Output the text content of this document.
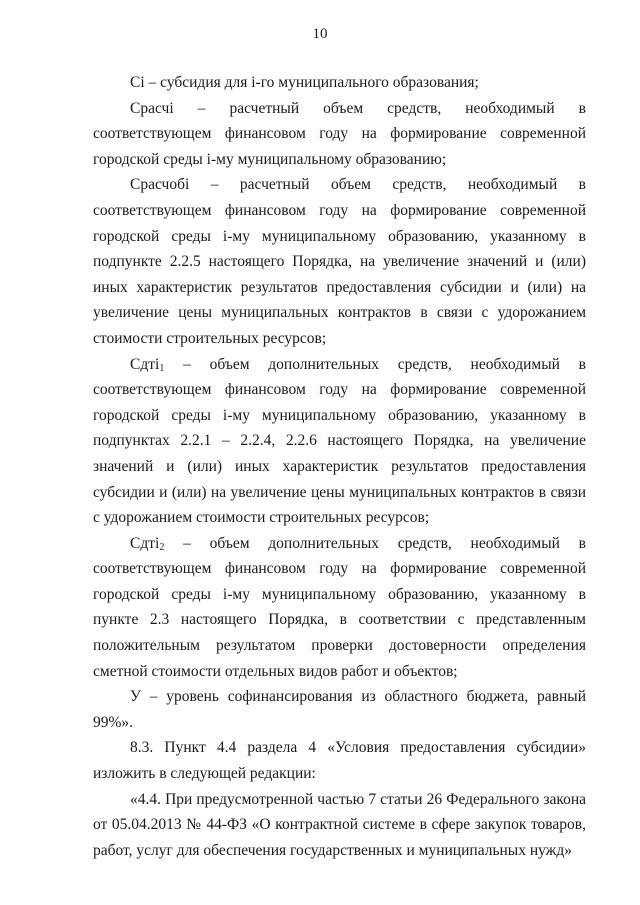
10

Ci – субсидия для i-го муниципального образования;

Срасчi – расчетный объем средств, необходимый в соответствующем финансовом году на формирование современной городской среды i-му муниципальному образованию;

Срасчобi – расчетный объем средств, необходимый в соответствующем финансовом году на формирование современной городской среды i-му муниципальному образованию, указанному в подпункте 2.2.5 настоящего Порядка, на увеличение значений и (или) иных характеристик результатов предоставления субсидии и (или) на увеличение цены муниципальных контрактов в связи с удорожанием стоимости строительных ресурсов;

Сдтi$_1$ – объем дополнительных средств, необходимый в соответствующем финансовом году на формирование современной городской среды i-му муниципальному образованию, указанному в подпунктах 2.2.1 – 2.2.4, 2.2.6 настоящего Порядка, на увеличение значений и (или) иных характеристик результатов предоставления субсидии и (или) на увеличение цены муниципальных контрактов в связи с удорожанием стоимости строительных ресурсов;

Сдтi$_2$ – объем дополнительных средств, необходимый в соответствующем финансовом году на формирование современной городской среды i-му муниципальному образованию, указанному в пункте 2.3 настоящего Порядка, в соответствии с представленным положительным результатом проверки достоверности определения сметной стоимости отдельных видов работ и объектов;

У – уровень софинансирования из областного бюджета, равный 99%».

8.3. Пункт 4.4 раздела 4 «Условия предоставления субсидии» изложить в следующей редакции:

«4.4. При предусмотренной частью 7 статьи 26 Федерального закона от 05.04.2013 № 44-ФЗ «О контрактной системе в сфере закупок товаров, работ, услуг для обеспечения государственных и муниципальных нужд»
